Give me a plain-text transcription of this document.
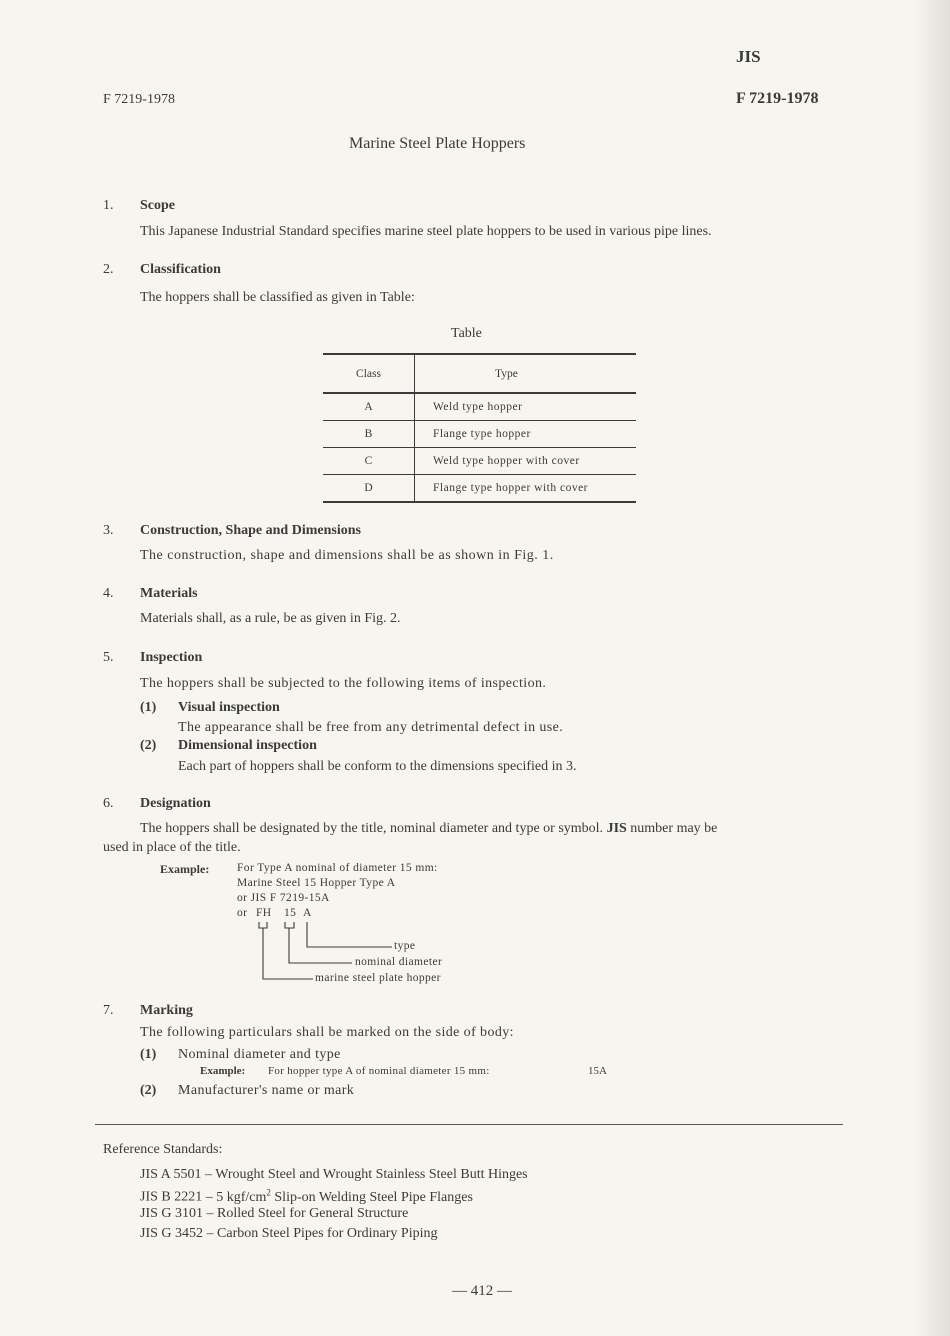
JIS
F 7219-1978	F 7219-1978
Marine Steel Plate Hoppers
1. Scope
This Japanese Industrial Standard specifies marine steel plate hoppers to be used in various pipe lines.
2. Classification
The hoppers shall be classified as given in Table:
Table
Class	Type
A	Weld type hopper
B	Flange type hopper
C	Weld type hopper with cover
D	Flange type hopper with cover
3. Construction, Shape and Dimensions
The construction, shape and dimensions shall be as shown in Fig. 1.
4. Materials
Materials shall, as a rule, be as given in Fig. 2.
5. Inspection
The hoppers shall be subjected to the following items of inspection.
(1) Visual inspection
The appearance shall be free from any detrimental defect in use.
(2) Dimensional inspection
Each part of hoppers shall be conform to the dimensions specified in 3.
6. Designation
The hoppers shall be designated by the title, nominal diameter and type or symbol. JIS number may be
used in place of the title.
Example: For Type A nominal of diameter 15 mm:
Marine Steel 15 Hopper Type A
or JIS F 7219-15A
or FH 15 A
type
nominal diameter
marine steel plate hopper
7. Marking
The following particulars shall be marked on the side of body:
(1) Nominal diameter and type
Example: For hopper type A of nominal diameter 15 mm:	15A
(2) Manufacturer's name or mark
Reference Standards:
JIS A 5501 – Wrought Steel and Wrought Stainless Steel Butt Hinges
JIS B 2221 – 5 kgf/$cm^2$ Slip-on Welding Steel Pipe Flanges
JIS G 3101 – Rolled Steel for General Structure
JIS G 3452 – Carbon Steel Pipes for Ordinary Piping
— 412 —
